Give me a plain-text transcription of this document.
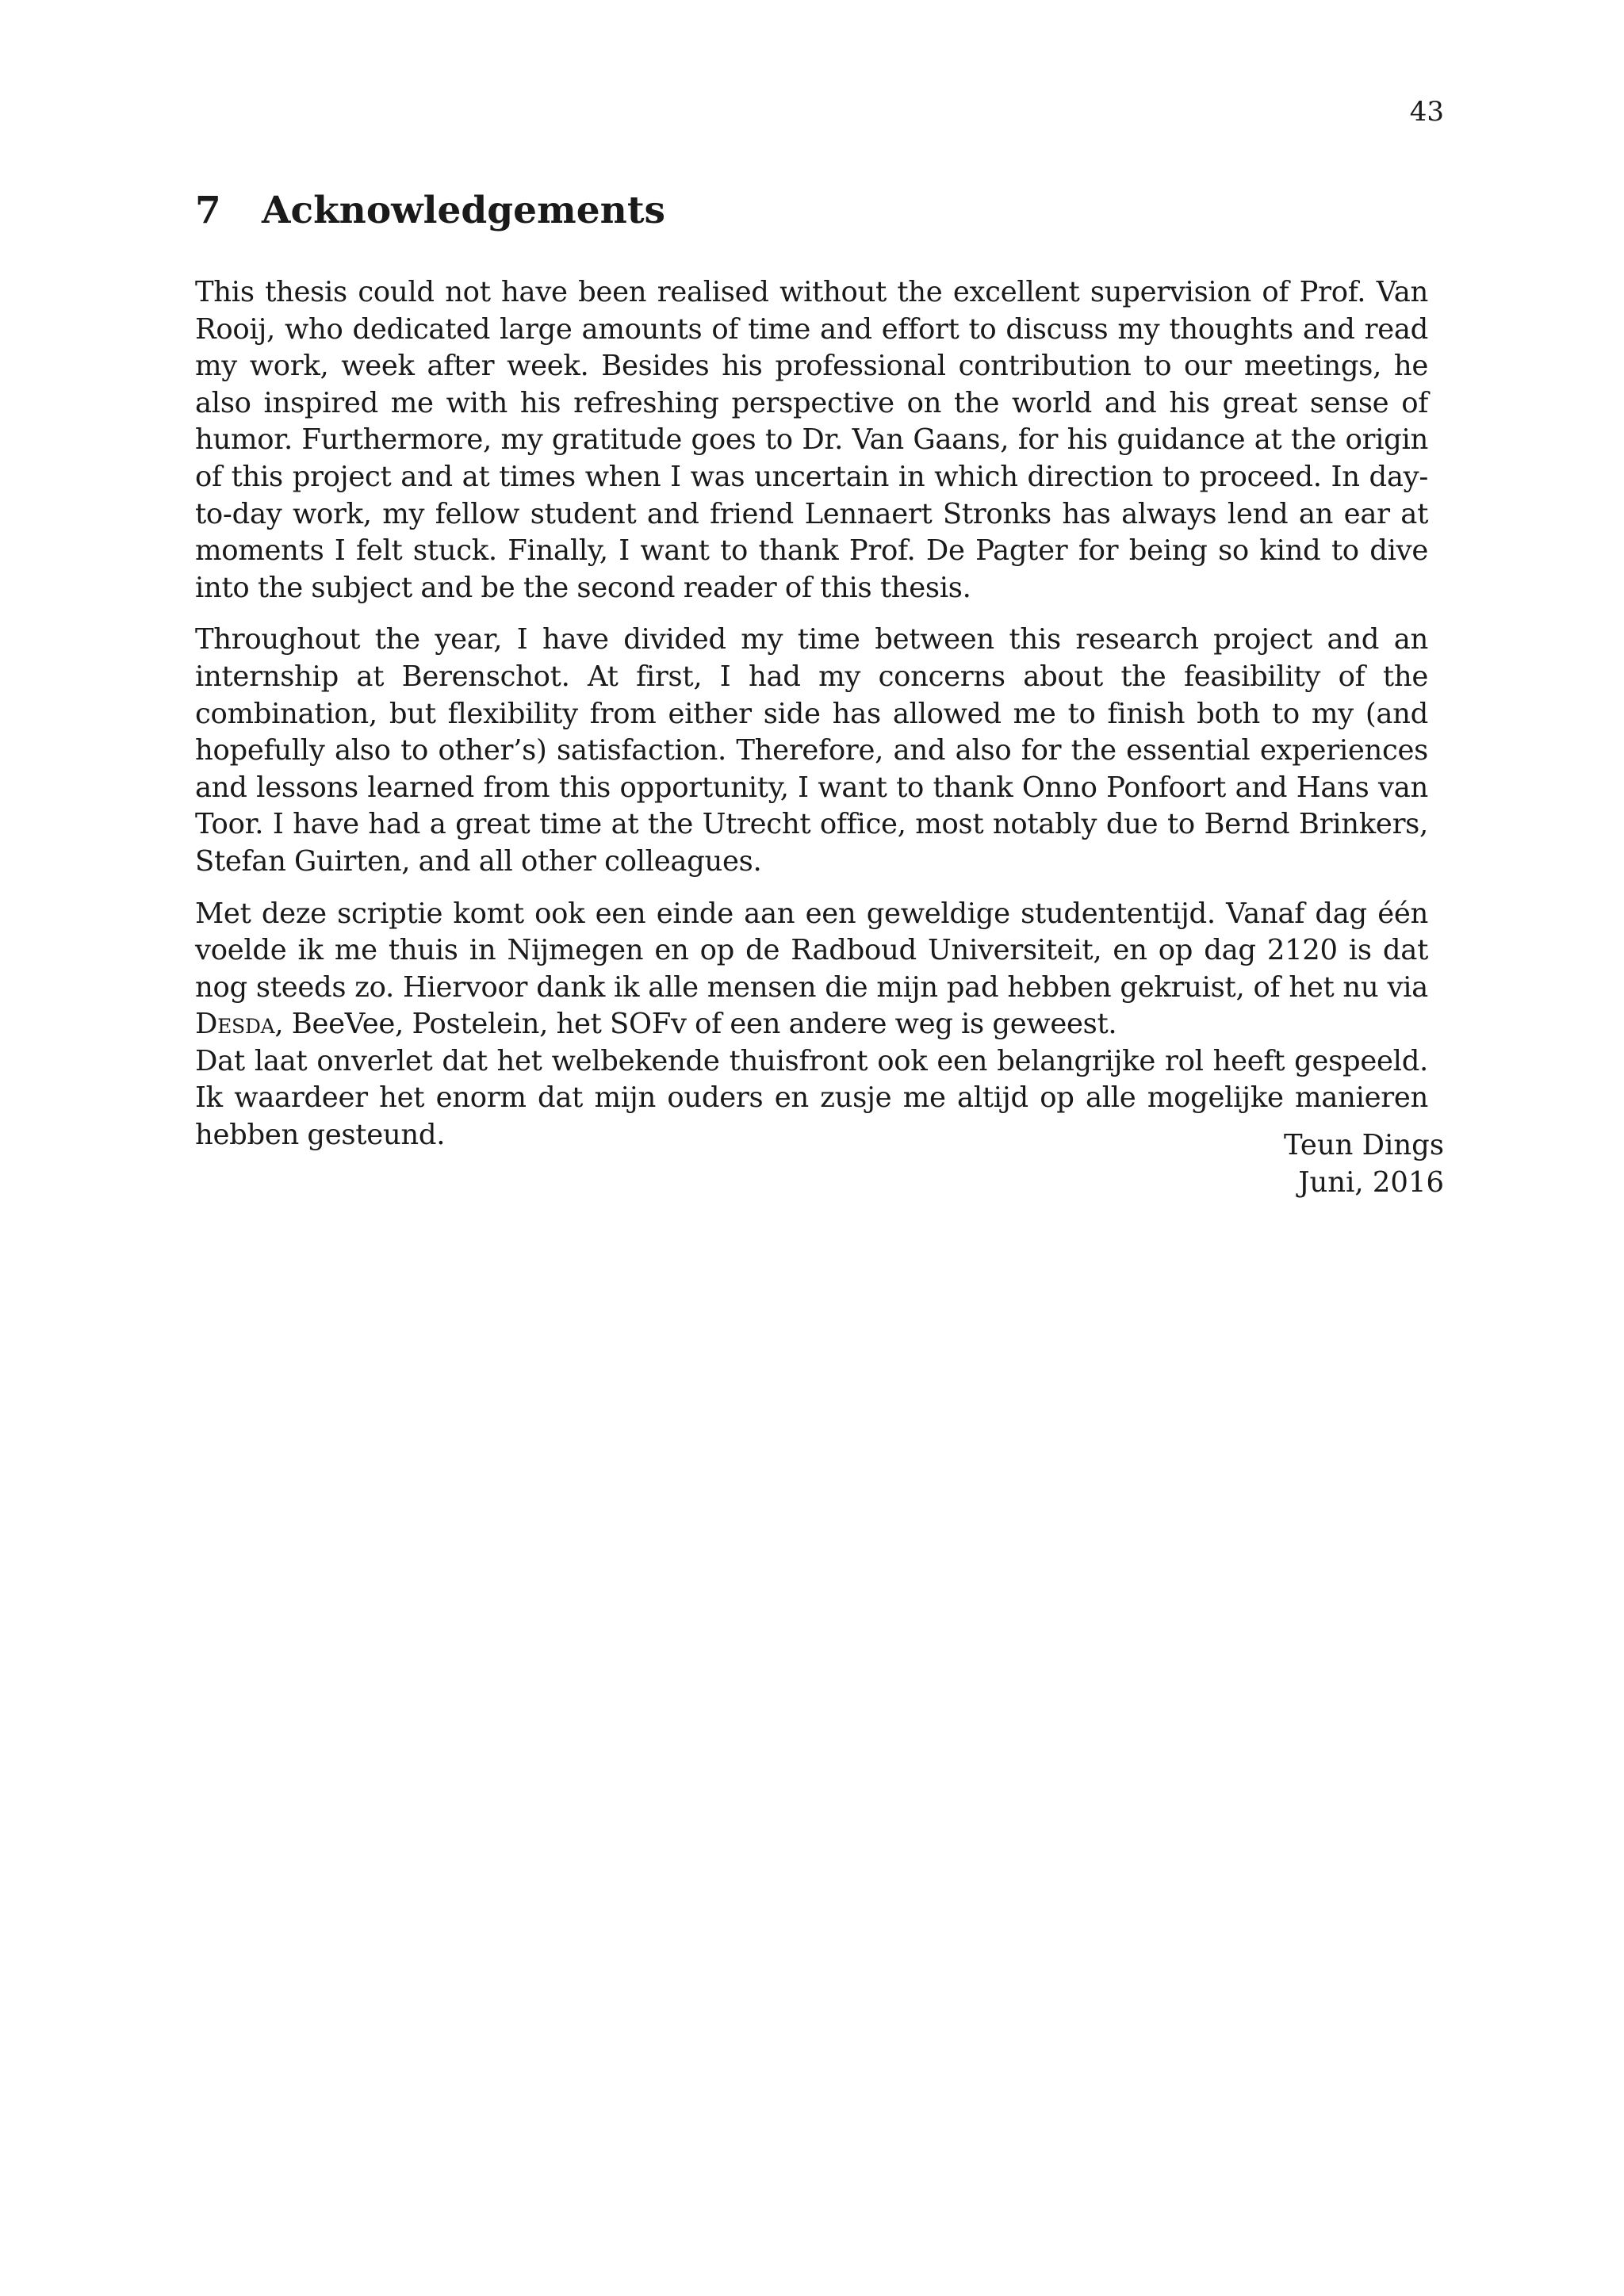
43
7 Acknowledgements

This thesis could not have been realised without the excellent supervision of Prof. Van Rooij, who dedicated large amounts of time and effort to discuss my thoughts and read my work, week after week. Besides his professional contribution to our meetings, he also inspired me with his refreshing perspective on the world and his great sense of humor. Furthermore, my gratitude goes to Dr. Van Gaans, for his guidance at the origin of this project and at times when I was uncertain in which direction to proceed. In day-to-day work, my fellow student and friend Lennaert Stronks has always lend an ear at moments I felt stuck. Finally, I want to thank Prof. De Pagter for being so kind to dive into the subject and be the second reader of this thesis.

Throughout the year, I have divided my time between this research project and an internship at Berenschot. At first, I had my concerns about the feasibility of the combination, but flexibility from either side has allowed me to finish both to my (and hopefully also to other’s) satisfaction. Therefore, and also for the essential experiences and lessons learned from this opportunity, I want to thank Onno Ponfoort and Hans van Toor. I have had a great time at the Utrecht office, most notably due to Bernd Brinkers, Stefan Guirten, and all other colleagues.

Met deze scriptie komt ook een einde aan een geweldige studententijd. Vanaf dag één voelde ik me thuis in Nijmegen en op de Radboud Universiteit, en op dag 2120 is dat nog steeds zo. Hiervoor dank ik alle mensen die mijn pad hebben gekruist, of het nu via Desda, BeeVee, Postelein, het SOFv of een andere weg is geweest.

Dat laat onverlet dat het welbekende thuisfront ook een belangrijke rol heeft gespeeld. Ik waardeer het enorm dat mijn ouders en zusje me altijd op alle mogelijke manieren hebben gesteund.	Teun Dings
Juni, 2016
